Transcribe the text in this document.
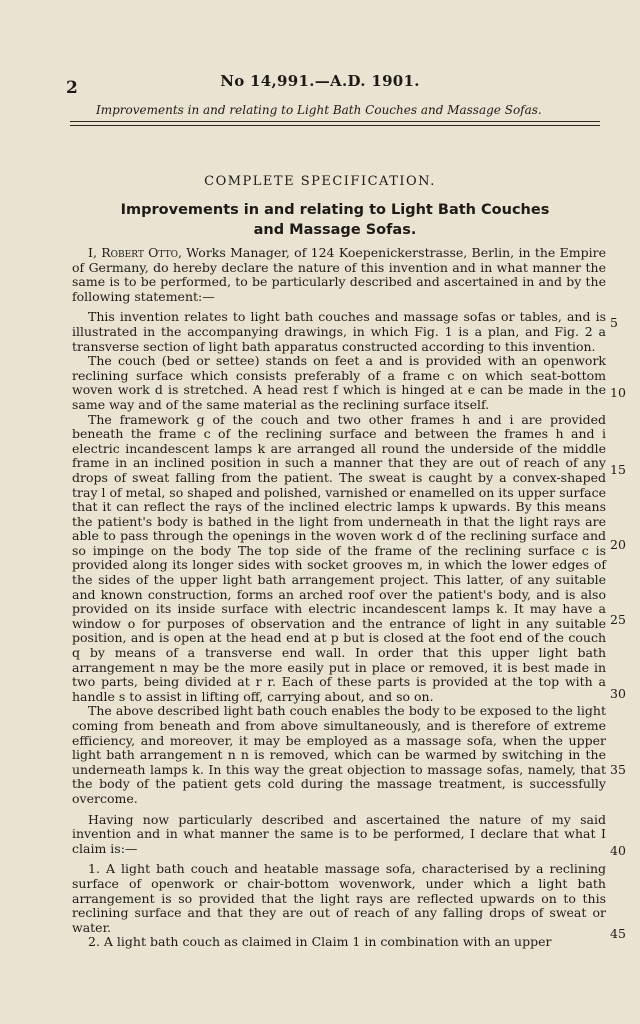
2	No 14,991.—A.D. 1901.
Improvements in and relating to Light Bath Couches and Massage Sofas.
COMPLETE SPECIFICATION.
Improvements in and relating to Light Bath Couches and Massage Sofas.

I, Robert Otto, Works Manager, of 124 Koepenickerstrasse, Berlin, in the Empire of Germany, do hereby declare the nature of this invention and in what manner the same is to be performed, to be particularly described and ascertained in and by the following statement:—

This invention relates to light bath couches and massage sofas or tables, and is illustrated in the accompanying drawings, in which Fig. 1 is a plan, and Fig. 2 a transverse section of light bath apparatus constructed according to this invention.

The couch (bed or settee) stands on feet a and is provided with an openwork reclining surface which consists preferably of a frame c on which seat-bottom woven work d is stretched. A head rest f which is hinged at e can be made in the same way and of the same material as the reclining surface itself.

The framework g of the couch and two other frames h and i are provided beneath the frame c of the reclining surface and between the frames h and i electric incandescent lamps k are arranged all round the underside of the middle frame in an inclined position in such a manner that they are out of reach of any drops of sweat falling from the patient. The sweat is caught by a convex-shaped tray l of metal, so shaped and polished, varnished or enamelled on its upper surface that it can reflect the rays of the inclined electric lamps k upwards. By this means the patient's body is bathed in the light from underneath in that the light rays are able to pass through the openings in the woven work d of the reclining surface and so impinge on the body The top side of the frame of the reclining surface c is provided along its longer sides with socket grooves m, in which the lower edges of the sides of the upper light bath arrangement project. This latter, of any suitable and known construction, forms an arched roof over the patient's body, and is also provided on its inside surface with electric incandescent lamps k. It may have a window o for purposes of observation and the entrance of light in any suitable position, and is open at the head end at p but is closed at the foot end of the couch q by means of a transverse end wall. In order that this upper light bath arrangement n may be the more easily put in place or removed, it is best made in two parts, being divided at r r. Each of these parts is provided at the top with a handle s to assist in lifting off, carrying about, and so on.

The above described light bath couch enables the body to be exposed to the light coming from beneath and from above simultaneously, and is therefore of extreme efficiency, and moreover, it may be employed as a massage sofa, when the upper light bath arrangement n n is removed, which can be warmed by switching in the underneath lamps k. In this way the great objection to massage sofas, namely, that the body of the patient gets cold during the massage treatment, is successfully overcome.

Having now particularly described and ascertained the nature of my said invention and in what manner the same is to be performed, I declare that what I claim is:—

1. A light bath couch and heatable massage sofa, characterised by a reclining surface of openwork or chair-bottom wovenwork, under which a light bath arrangement is so provided that the light rays are reflected upwards on to this reclining surface and that they are out of reach of any falling drops of sweat or water.

2. A light bath couch as claimed in Claim 1 in combination with an upper

5
10
15
20
25
30
35
40
45
